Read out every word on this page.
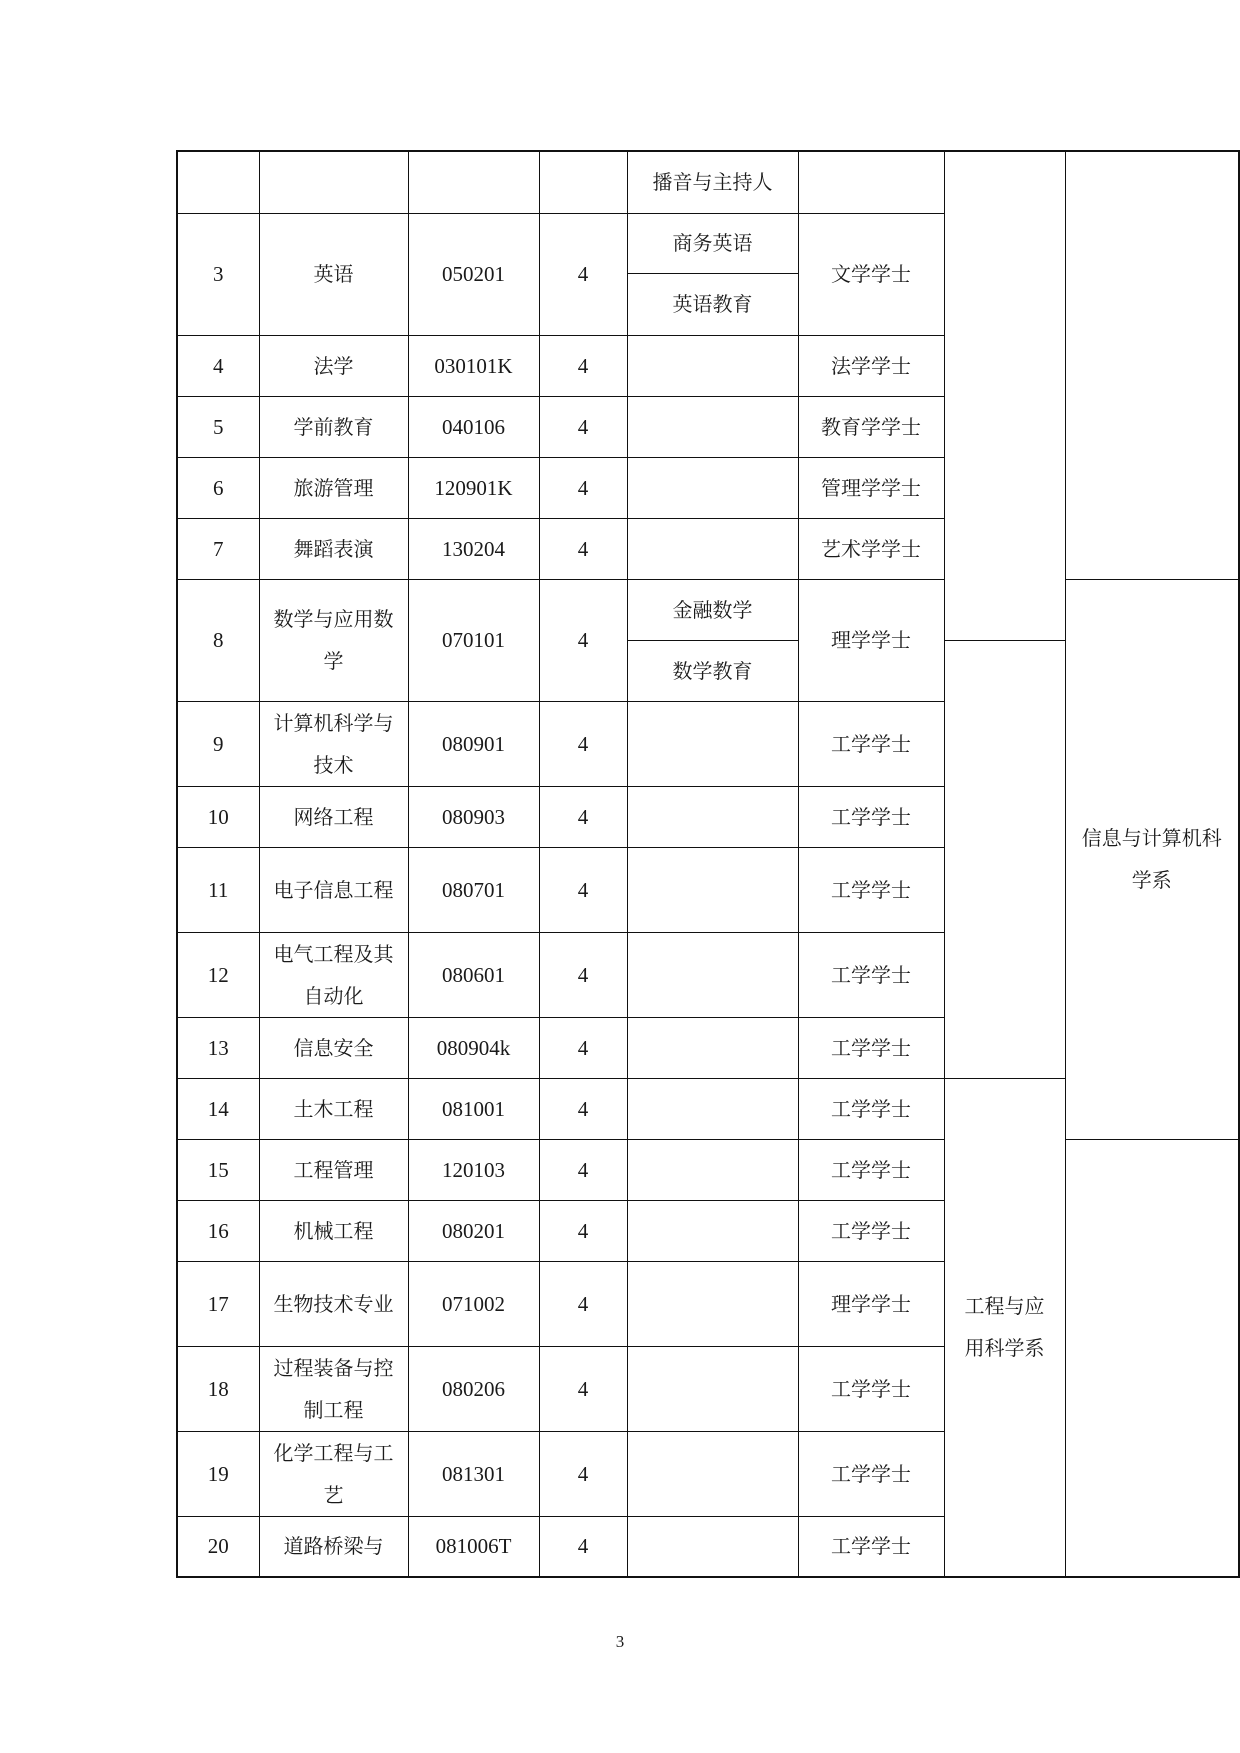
				播音与主持人			
3	英语	050201	4	商务英语	文学学士		
				英语教育			
4	法学	030101K	4		法学学士		
5	学前教育	040106	4		教育学学士		
6	旅游管理	120901K	4		管理学学士		
7	舞蹈表演	130204	4		艺术学学士		
8	数学与应用数学	070101	4	金融数学	理学学士		信息与计算机科学系
				数学教育			
9	计算机科学与技术	080901	4		工学学士		
10	网络工程	080903	4		工学学士		
11	电子信息工程	080701	4		工学学士		
12	电气工程及其自动化	080601	4		工学学士		
13	信息安全	080904k	4		工学学士		
14	土木工程	081001	4		工学学士	工程与应用科学系	
15	工程管理	120103	4		工学学士		
16	机械工程	080201	4		工学学士		
17	生物技术专业	071002	4		理学学士		
18	过程装备与控制工程	080206	4		工学学士		
19	化学工程与工艺	081301	4		工学学士		
20	道路桥梁与	081006T	4		工学学士		
3
